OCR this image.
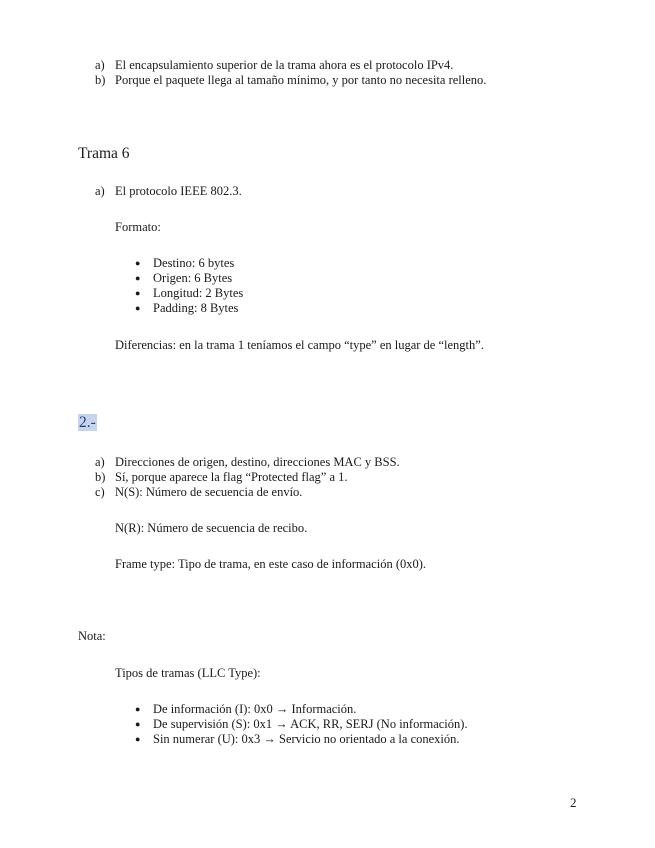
a) El encapsulamiento superior de la trama ahora es el protocolo IPv4.
b) Porque el paquete llega al tamaño mínimo, y por tanto no necesita relleno.
Trama 6
a) El protocolo IEEE 802.3.
Formato:
● Destino: 6 bytes
● Origen: 6 Bytes
● Longitud: 2 Bytes
● Padding: 8 Bytes
Diferencias: en la trama 1 teníamos el campo “type” en lugar de “length”.
2.-
a) Direcciones de origen, destino, direcciones MAC y BSS.
b) Sí, porque aparece la flag “Protected flag” a 1.
c) N(S): Número de secuencia de envío.
N(R): Número de secuencia de recibo.
Frame type: Tipo de trama, en este caso de información (0x0).
Nota:
Tipos de tramas (LLC Type):
● De información (I): 0x0 → Información.
● De supervisión (S): 0x1 → ACK, RR, SERJ (No información).
● Sin numerar (U): 0x3 → Servicio no orientado a la conexión.
2
